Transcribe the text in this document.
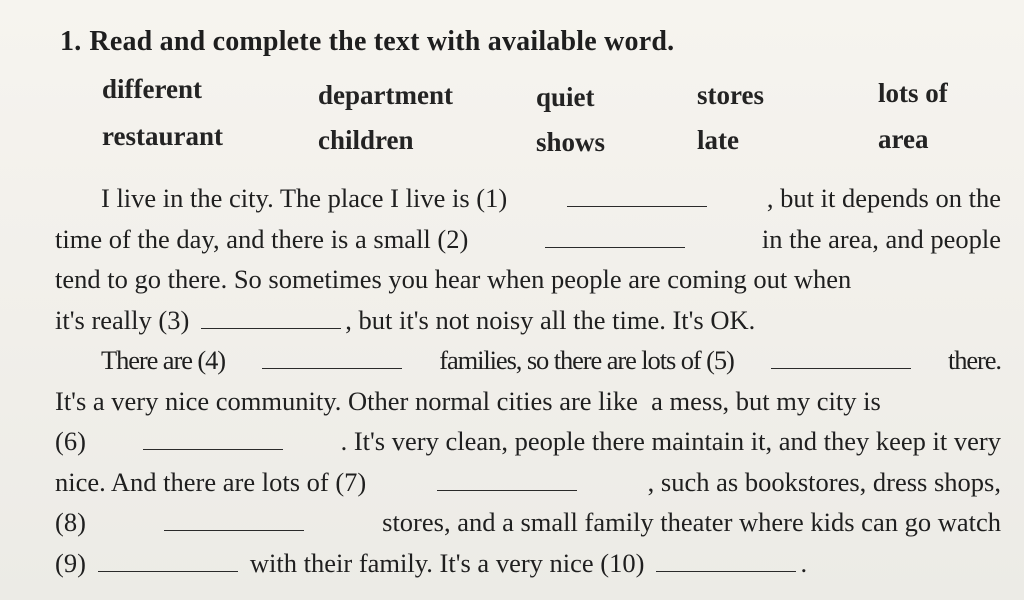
1. Read and complete the text with available word.
different	department	quiet	stores	lots of
restaurant	children	shows	late	area
I live in the city. The place I live is (1)	, but it depends on the
time of the day, and there is a small (2)	in the area, and people
tend to go there. So sometimes you hear when people are coming out when
it's really (3)	, but it's not noisy all the time. It's OK.
There are (4)	families, so there are lots of (5)	there.
It's a very nice community. Other normal cities are like  a mess, but my city is
(6)	. It's very clean, people there maintain it, and they keep it very
nice. And there are lots of (7)	, such as bookstores, dress shops,
(8)	stores, and a small family theater where kids can go watch
(9)	with their family. It's a very nice (10)	.
